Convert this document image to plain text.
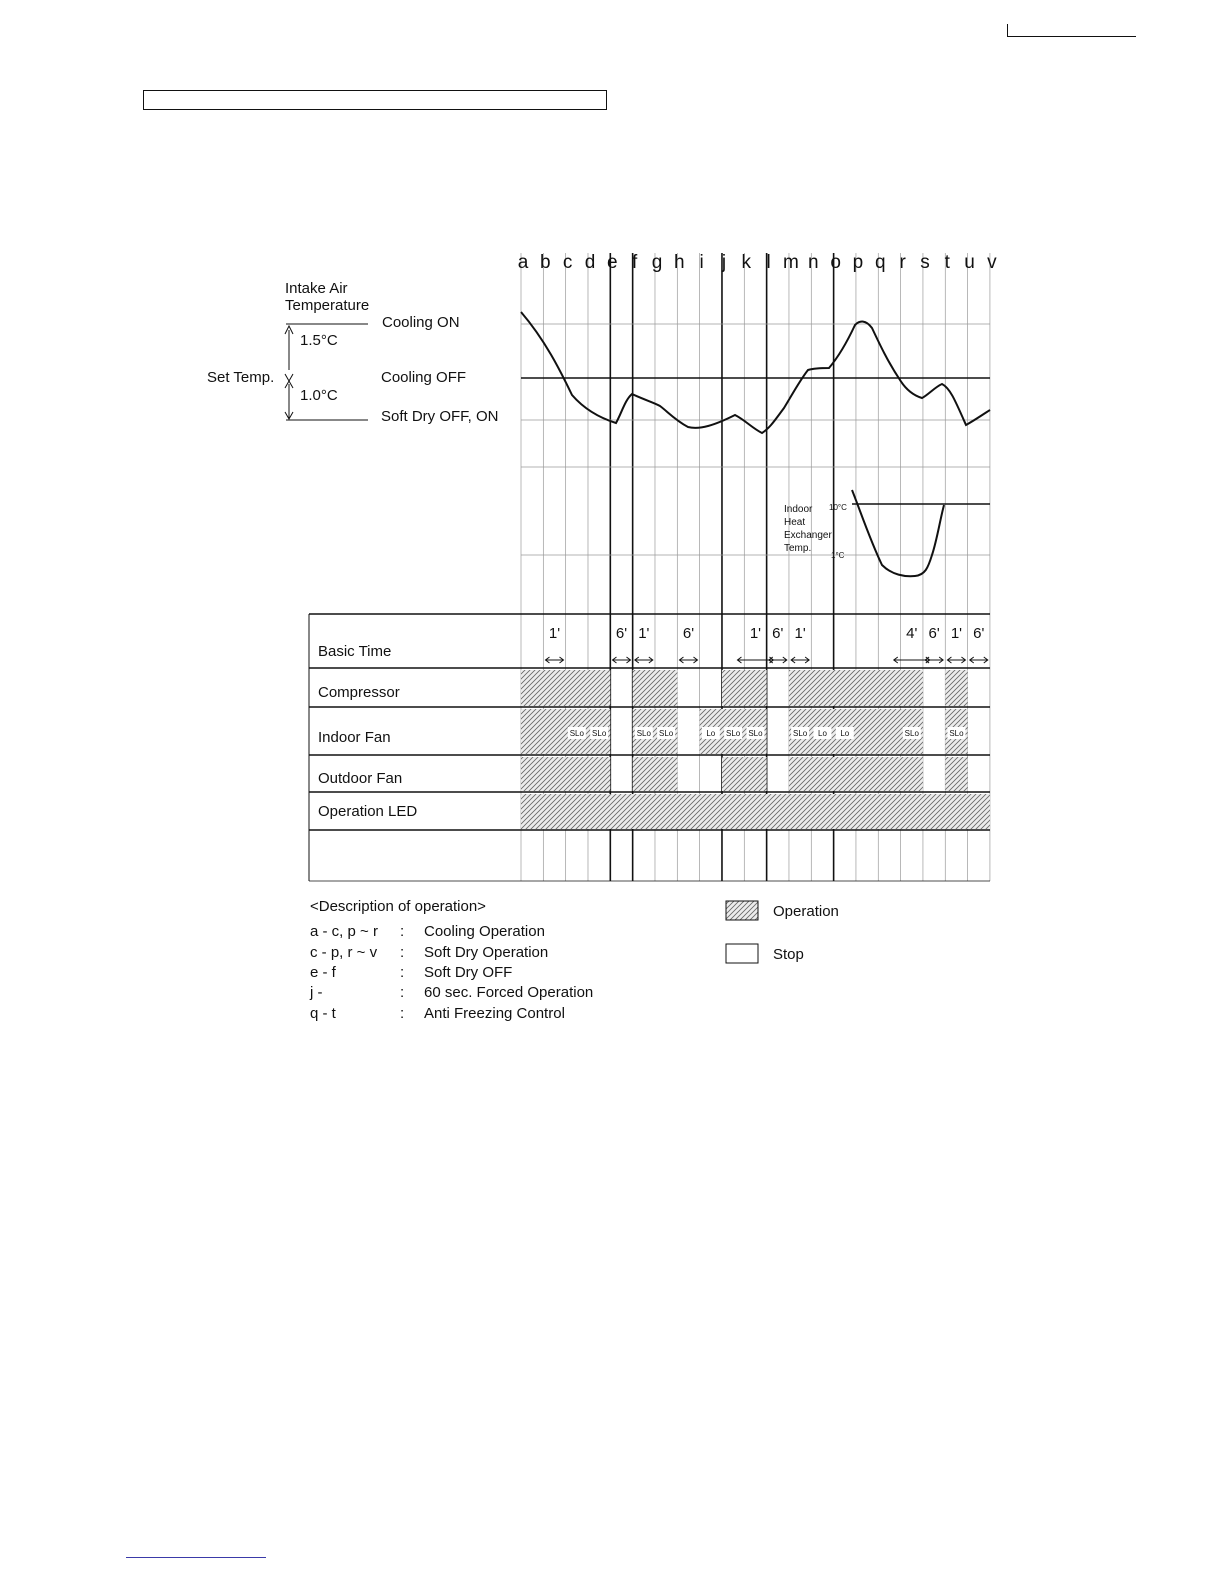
a b c d e f g h i j k l m n o p q r s t u v
1'	6' 1' 6'	1' 6' 1'	4' 6' 1' 6'
SLo SLo	SLo SLo	Lo SLo SLo	SLo Lo Lo	SLo	SLo
Intake Air
Temperature
Set Temp.
1.5°C
1.0°C
Cooling ON
Cooling OFF
Soft Dry OFF, ON
Indoor
Heat
Exchanger
Temp.
10°C
1°C
Basic Time
Compressor
Indoor Fan
Outdoor Fan
Operation LED
<Description of operation>
a - c, p ~ r : Cooling Operation
c - p, r ~ v : Soft Dry Operation
e - f	: Soft Dry OFF
j -	: 60 sec. Forced Operation
q - t	: Anti Freezing Control
Operation
Stop
